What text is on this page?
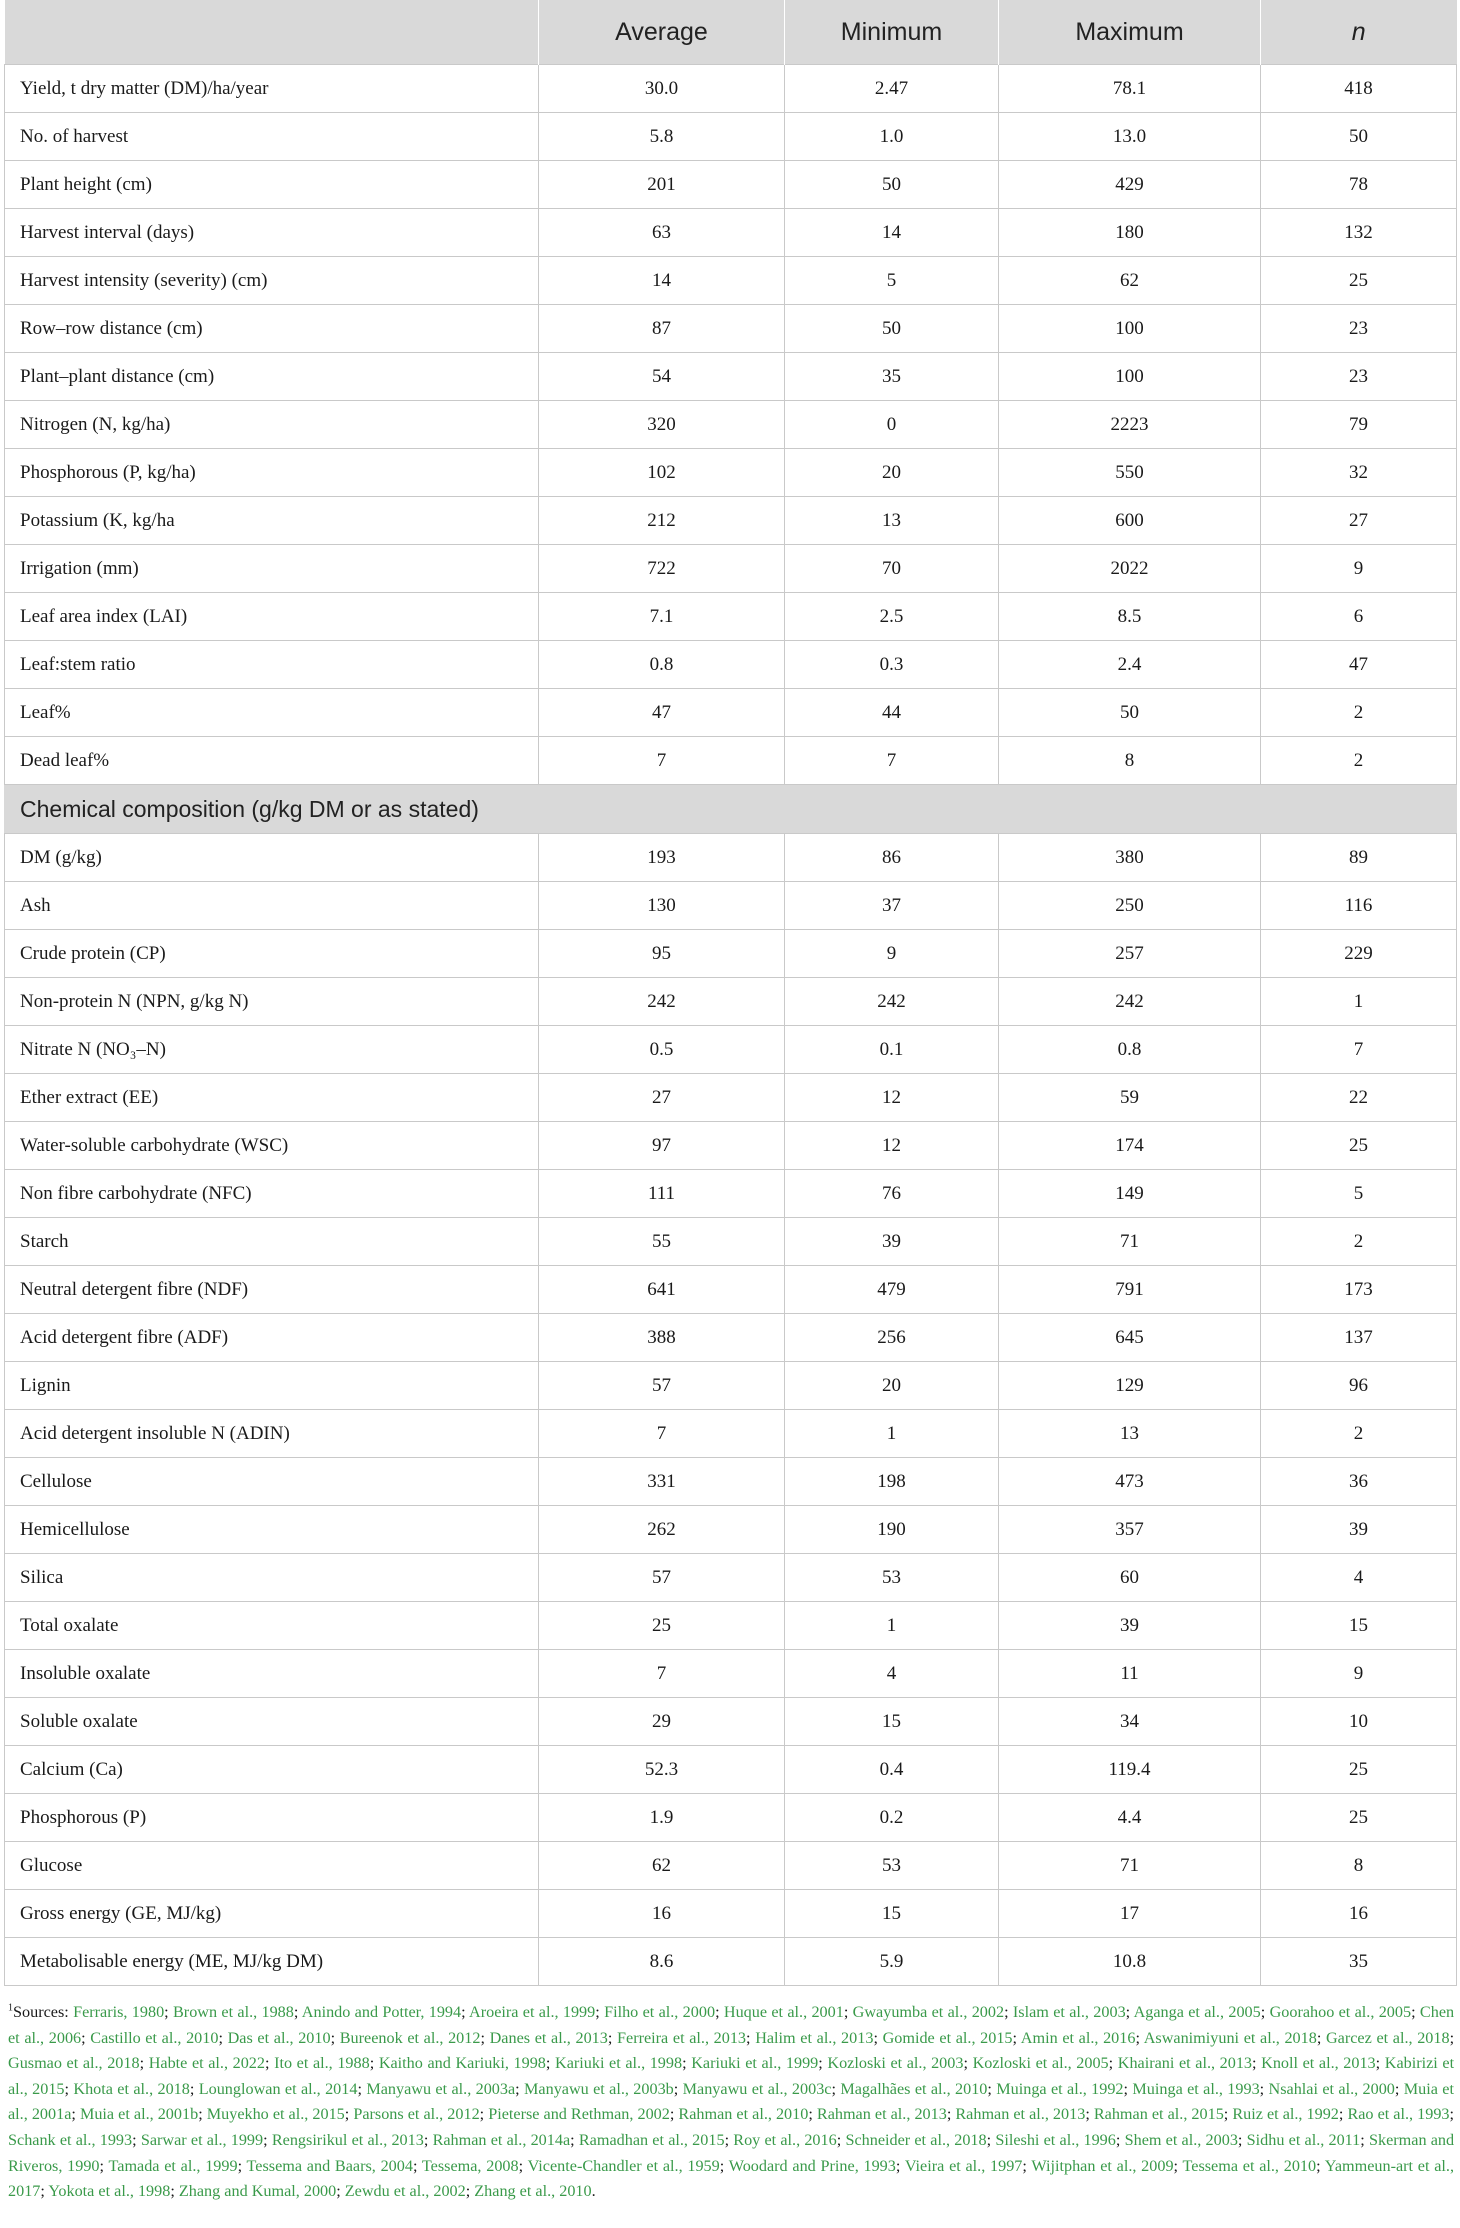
	Average	Minimum	Maximum	n
Yield, t dry matter (DM)/ha/year	30.0	2.47	78.1	418
No. of harvest	5.8	1.0	13.0	50
Plant height (cm)	201	50	429	78
Harvest interval (days)	63	14	180	132
Harvest intensity (severity) (cm)	14	5	62	25
Row–row distance (cm)	87	50	100	23
Plant–plant distance (cm)	54	35	100	23
Nitrogen (N, kg/ha)	320	0	2223	79
Phosphorous (P, kg/ha)	102	20	550	32
Potassium (K, kg/ha	212	13	600	27
Irrigation (mm)	722	70	2022	9
Leaf area index (LAI)	7.1	2.5	8.5	6
Leaf:stem ratio	0.8	0.3	2.4	47
Leaf%	47	44	50	2
Dead leaf%	7	7	8	2
Chemical composition (g/kg DM or as stated)				
DM (g/kg)	193	86	380	89
Ash	130	37	250	116
Crude protein (CP)	95	9	257	229
Non-protein N (NPN, g/kg N)	242	242	242	1
Nitrate N (NO₃–N)	0.5	0.1	0.8	7
Ether extract (EE)	27	12	59	22
Water-soluble carbohydrate (WSC)	97	12	174	25
Non fibre carbohydrate (NFC)	111	76	149	5
Starch	55	39	71	2
Neutral detergent fibre (NDF)	641	479	791	173
Acid detergent fibre (ADF)	388	256	645	137
Lignin	57	20	129	96
Acid detergent insoluble N (ADIN)	7	1	13	2
Cellulose	331	198	473	36
Hemicellulose	262	190	357	39
Silica	57	53	60	4
Total oxalate	25	1	39	15
Insoluble oxalate	7	4	11	9
Soluble oxalate	29	15	34	10
Calcium (Ca)	52.3	0.4	119.4	25
Phosphorous (P)	1.9	0.2	4.4	25
Glucose	62	53	71	8
Gross energy (GE, MJ/kg)	16	15	17	16
Metabolisable energy (ME, MJ/kg DM)	8.6	5.9	10.8	35
$^1$Sources: Ferraris, 1980; Brown et al., 1988; Anindo and Potter, 1994; Aroeira et al., 1999; Filho et al., 2000; Huque et al., 2001; Gwayumba et al., 2002; Islam et al., 2003; Aganga et al., 2005; Goorahoo et al., 2005; Chen et al., 2006; Castillo et al., 2010; Das et al., 2010; Bureenok et al., 2012; Danes et al., 2013; Ferreira et al., 2013; Halim et al., 2013; Gomide et al., 2015; Amin et al., 2016; Aswanimiyuni et al., 2018; Garcez et al., 2018; Gusmao et al., 2018; Habte et al., 2022; Ito et al., 1988; Kaitho and Kariuki, 1998; Kariuki et al., 1998; Kariuki et al., 1999; Kozloski et al., 2003; Kozloski et al., 2005; Khairani et al., 2013; Knoll et al., 2013; Kabirizi et al., 2015; Khota et al., 2018; Lounglowan et al., 2014; Manyawu et al., 2003a; Manyawu et al., 2003b; Manyawu et al., 2003c; Magalhães et al., 2010; Muinga et al., 1992; Muinga et al., 1993; Nsahlai et al., 2000; Muia et al., 2001a; Muia et al., 2001b; Muyekho et al., 2015; Parsons et al., 2012; Pieterse and Rethman, 2002; Rahman et al., 2010; Rahman et al., 2013; Rahman et al., 2013; Rahman et al., 2015; Ruiz et al., 1992; Rao et al., 1993; Schank et al., 1993; Sarwar et al., 1999; Rengsirikul et al., 2013; Rahman et al., 2014a; Ramadhan et al., 2015; Roy et al., 2016; Schneider et al., 2018; Sileshi et al., 1996; Shem et al., 2003; Sidhu et al., 2011; Skerman and Riveros, 1990; Tamada et al., 1999; Tessema and Baars, 2004; Tessema, 2008; Vicente-Chandler et al., 1959; Woodard and Prine, 1993; Vieira et al., 1997; Wijitphan et al., 2009; Tessema et al., 2010; Yammeun-art et al., 2017; Yokota et al., 1998; Zhang and Kumal, 2000; Zewdu et al., 2002; Zhang et al., 2010.
